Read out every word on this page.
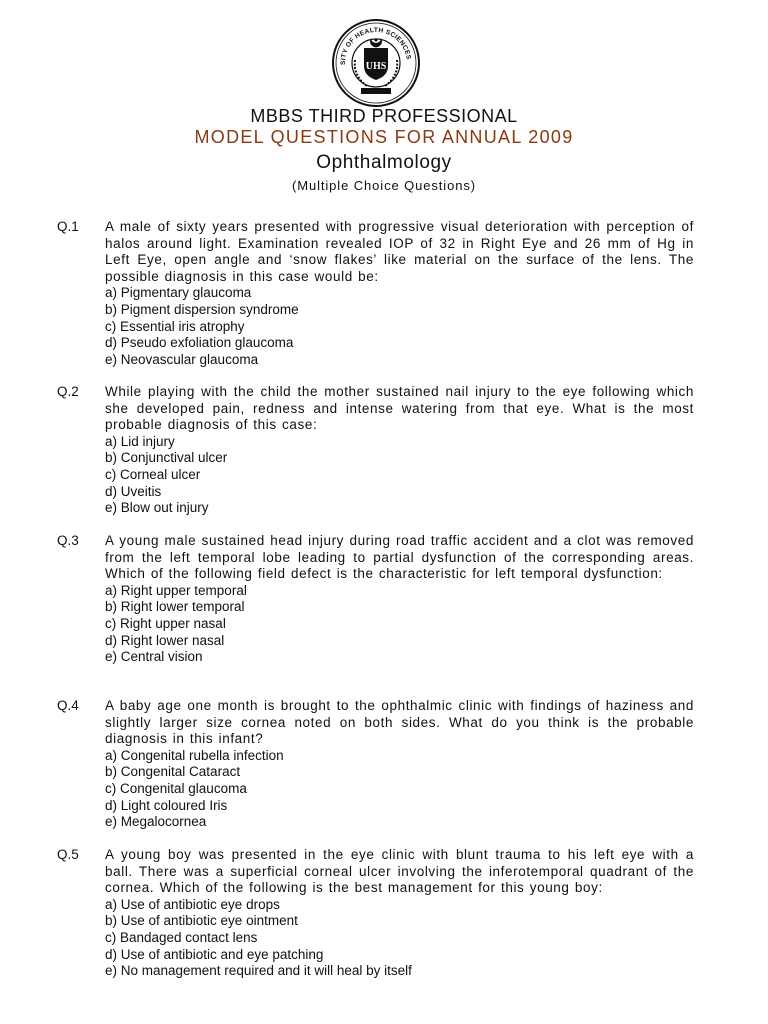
SITY OF HEALTH SCIENCES
UHS
MBBS THIRD PROFESSIONAL
MODEL QUESTIONS FOR ANNUAL 2009
Ophthalmology
(Multiple Choice Questions)
Q.1 A male of sixty years presented with progressive visual deterioration with perception of halos around light. Examination revealed IOP of 32 in Right Eye and 26 mm of Hg in Left Eye, open angle and ‘snow flakes’ like material on the surface of the lens. The possible diagnosis in this case would be:

a) Pigmentary glaucoma
b) Pigment dispersion syndrome
c) Essential iris atrophy
d) Pseudo exfoliation glaucoma
e) Neovascular glaucoma
Q.2 While playing with the child the mother sustained nail injury to the eye following which she developed pain, redness and intense watering from that eye. What is the most probable diagnosis of this case:

a) Lid injury
b) Conjunctival ulcer
c) Corneal ulcer
d) Uveitis
e) Blow out injury
Q.3 A young male sustained head injury during road traffic accident and a clot was removed from the left temporal lobe leading to partial dysfunction of the corresponding areas. Which of the following field defect is the characteristic for left temporal dysfunction:

a) Right upper temporal
b) Right lower temporal
c) Right upper nasal
d) Right lower nasal
e) Central vision
Q.4 A baby age one month is brought to the ophthalmic clinic with findings of haziness and slightly larger size cornea noted on both sides. What do you think is the probable diagnosis in this infant?

a) Congenital rubella infection
b) Congenital Cataract
c) Congenital glaucoma
d) Light coloured Iris
e) Megalocornea
Q.5 A young boy was presented in the eye clinic with blunt trauma to his left eye with a ball. There was a superficial corneal ulcer involving the inferotemporal quadrant of the cornea. Which of the following is the best management for this young boy:

a) Use of antibiotic eye drops
b) Use of antibiotic eye ointment
c) Bandaged contact lens
d) Use of antibiotic and eye patching
e) No management required and it will heal by itself
